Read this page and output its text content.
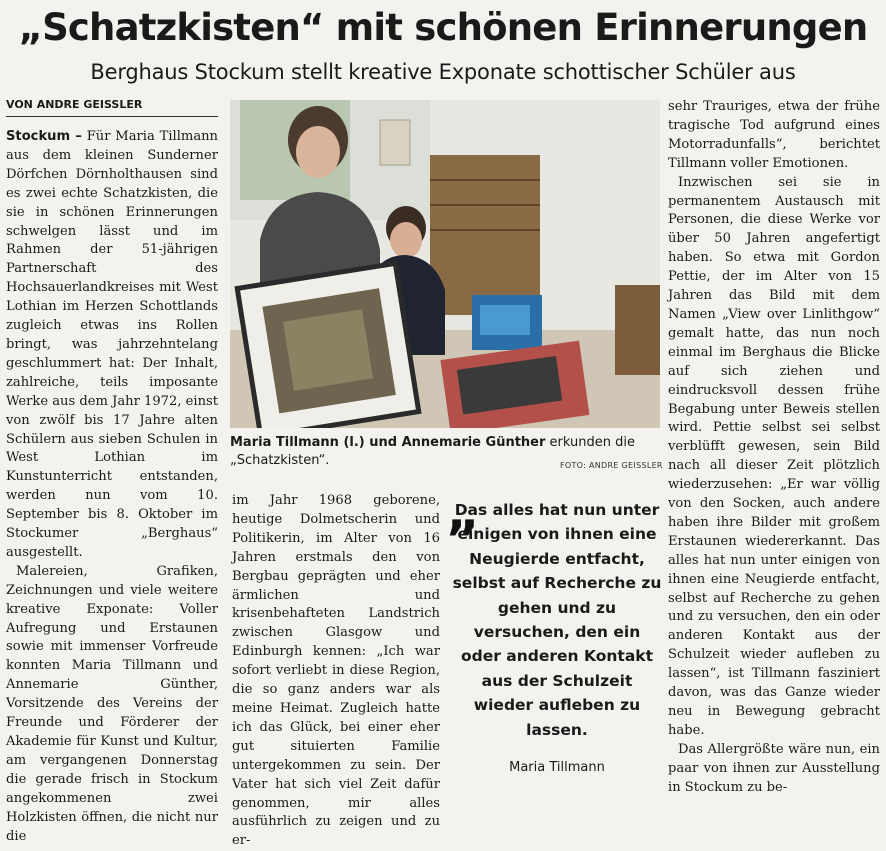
„Schatzkisten“ mit schönen Erinnerungen
Berghaus Stockum stellt kreative Exponate schottischer Schüler aus
VON ANDRE GEISSLER

Stockum – Für Maria Tillmann aus dem kleinen Sunderner Dörfchen Dörnholthausen sind es zwei echte Schatzkisten, die sie in schönen Erinnerungen schwelgen lässt und im Rahmen der 51-jährigen Partnerschaft des Hochsauerlandkreises mit West Lothian im Herzen Schottlands zugleich etwas ins Rollen bringt, was jahrzehntelang geschlummert hat: Der Inhalt, zahlreiche, teils imposante Werke aus dem Jahr 1972, einst von zwölf bis 17 Jahre alten Schülern aus sieben Schulen in West Lothian im Kunstunterricht entstanden, werden nun vom 10. September bis 8. Oktober im Stockumer „Berghaus“ ausgestellt.

Malereien, Grafiken, Zeichnungen und viele weitere kreative Exponate: Voller Aufregung und Erstaunen sowie mit immenser Vorfreude konnten Maria Tillmann und Annemarie Günther, Vorsitzende des Vereins der Freunde und Förderer der Akademie für Kunst und Kultur, am vergangenen Donnerstag die gerade frisch in Stockum angekommenen zwei Holzkisten öffnen, die nicht nur die

Maria Tillmann (l.) und Annemarie Günther erkunden die „Schatzkisten“.	FOTO: ANDRE GEISSLER

im Jahr 1968 geborene, heutige Dolmetscherin und Politikerin, im Alter von 16 Jahren erstmals den von Bergbau geprägten und eher ärmlichen und krisenbehafteten Landstrich zwischen Glasgow und Edinburgh kennen: „Ich war sofort verliebt in diese Region, die so ganz anders war als meine Heimat. Zugleich hatte ich das Glück, bei einer eher gut situierten Familie untergekommen zu sein. Der Vater hat sich viel Zeit dafür genommen, mir alles ausführlich zu zeigen und zu er-

„
Das alles hat nun unter einigen von ihnen eine Neugierde entfacht, selbst auf Recherche zu gehen und zu versuchen, den ein oder anderen Kontakt aus der Schulzeit wieder aufleben zu lassen.
Maria Tillmann

sehr Trauriges, etwa der frühe tragische Tod aufgrund eines Motorradunfalls“, berichtet Tillmann voller Emotionen.

Inzwischen sei sie in permanentem Austausch mit Personen, die diese Werke vor über 50 Jahren angefertigt haben. So etwa mit Gordon Pettie, der im Alter von 15 Jahren das Bild mit dem Namen „View over Linlithgow“ gemalt hatte, das nun noch einmal im Berghaus die Blicke auf sich ziehen und eindrucksvoll dessen frühe Begabung unter Beweis stellen wird. Pettie selbst sei selbst verblüfft gewesen, sein Bild nach all dieser Zeit plötzlich wiederzusehen: „Er war völlig von den Socken, auch andere haben ihre Bilder mit großem Erstaunen wiedererkannt. Das alles hat nun unter einigen von ihnen eine Neugierde entfacht, selbst auf Recherche zu gehen und zu versuchen, den ein oder anderen Kontakt aus der Schulzeit wieder aufleben zu lassen“, ist Tillmann fasziniert davon, was das Ganze wieder neu in Bewegung gebracht habe.

Das Allergrößte wäre nun, ein paar von ihnen zur Ausstellung in Stockum zu be-
